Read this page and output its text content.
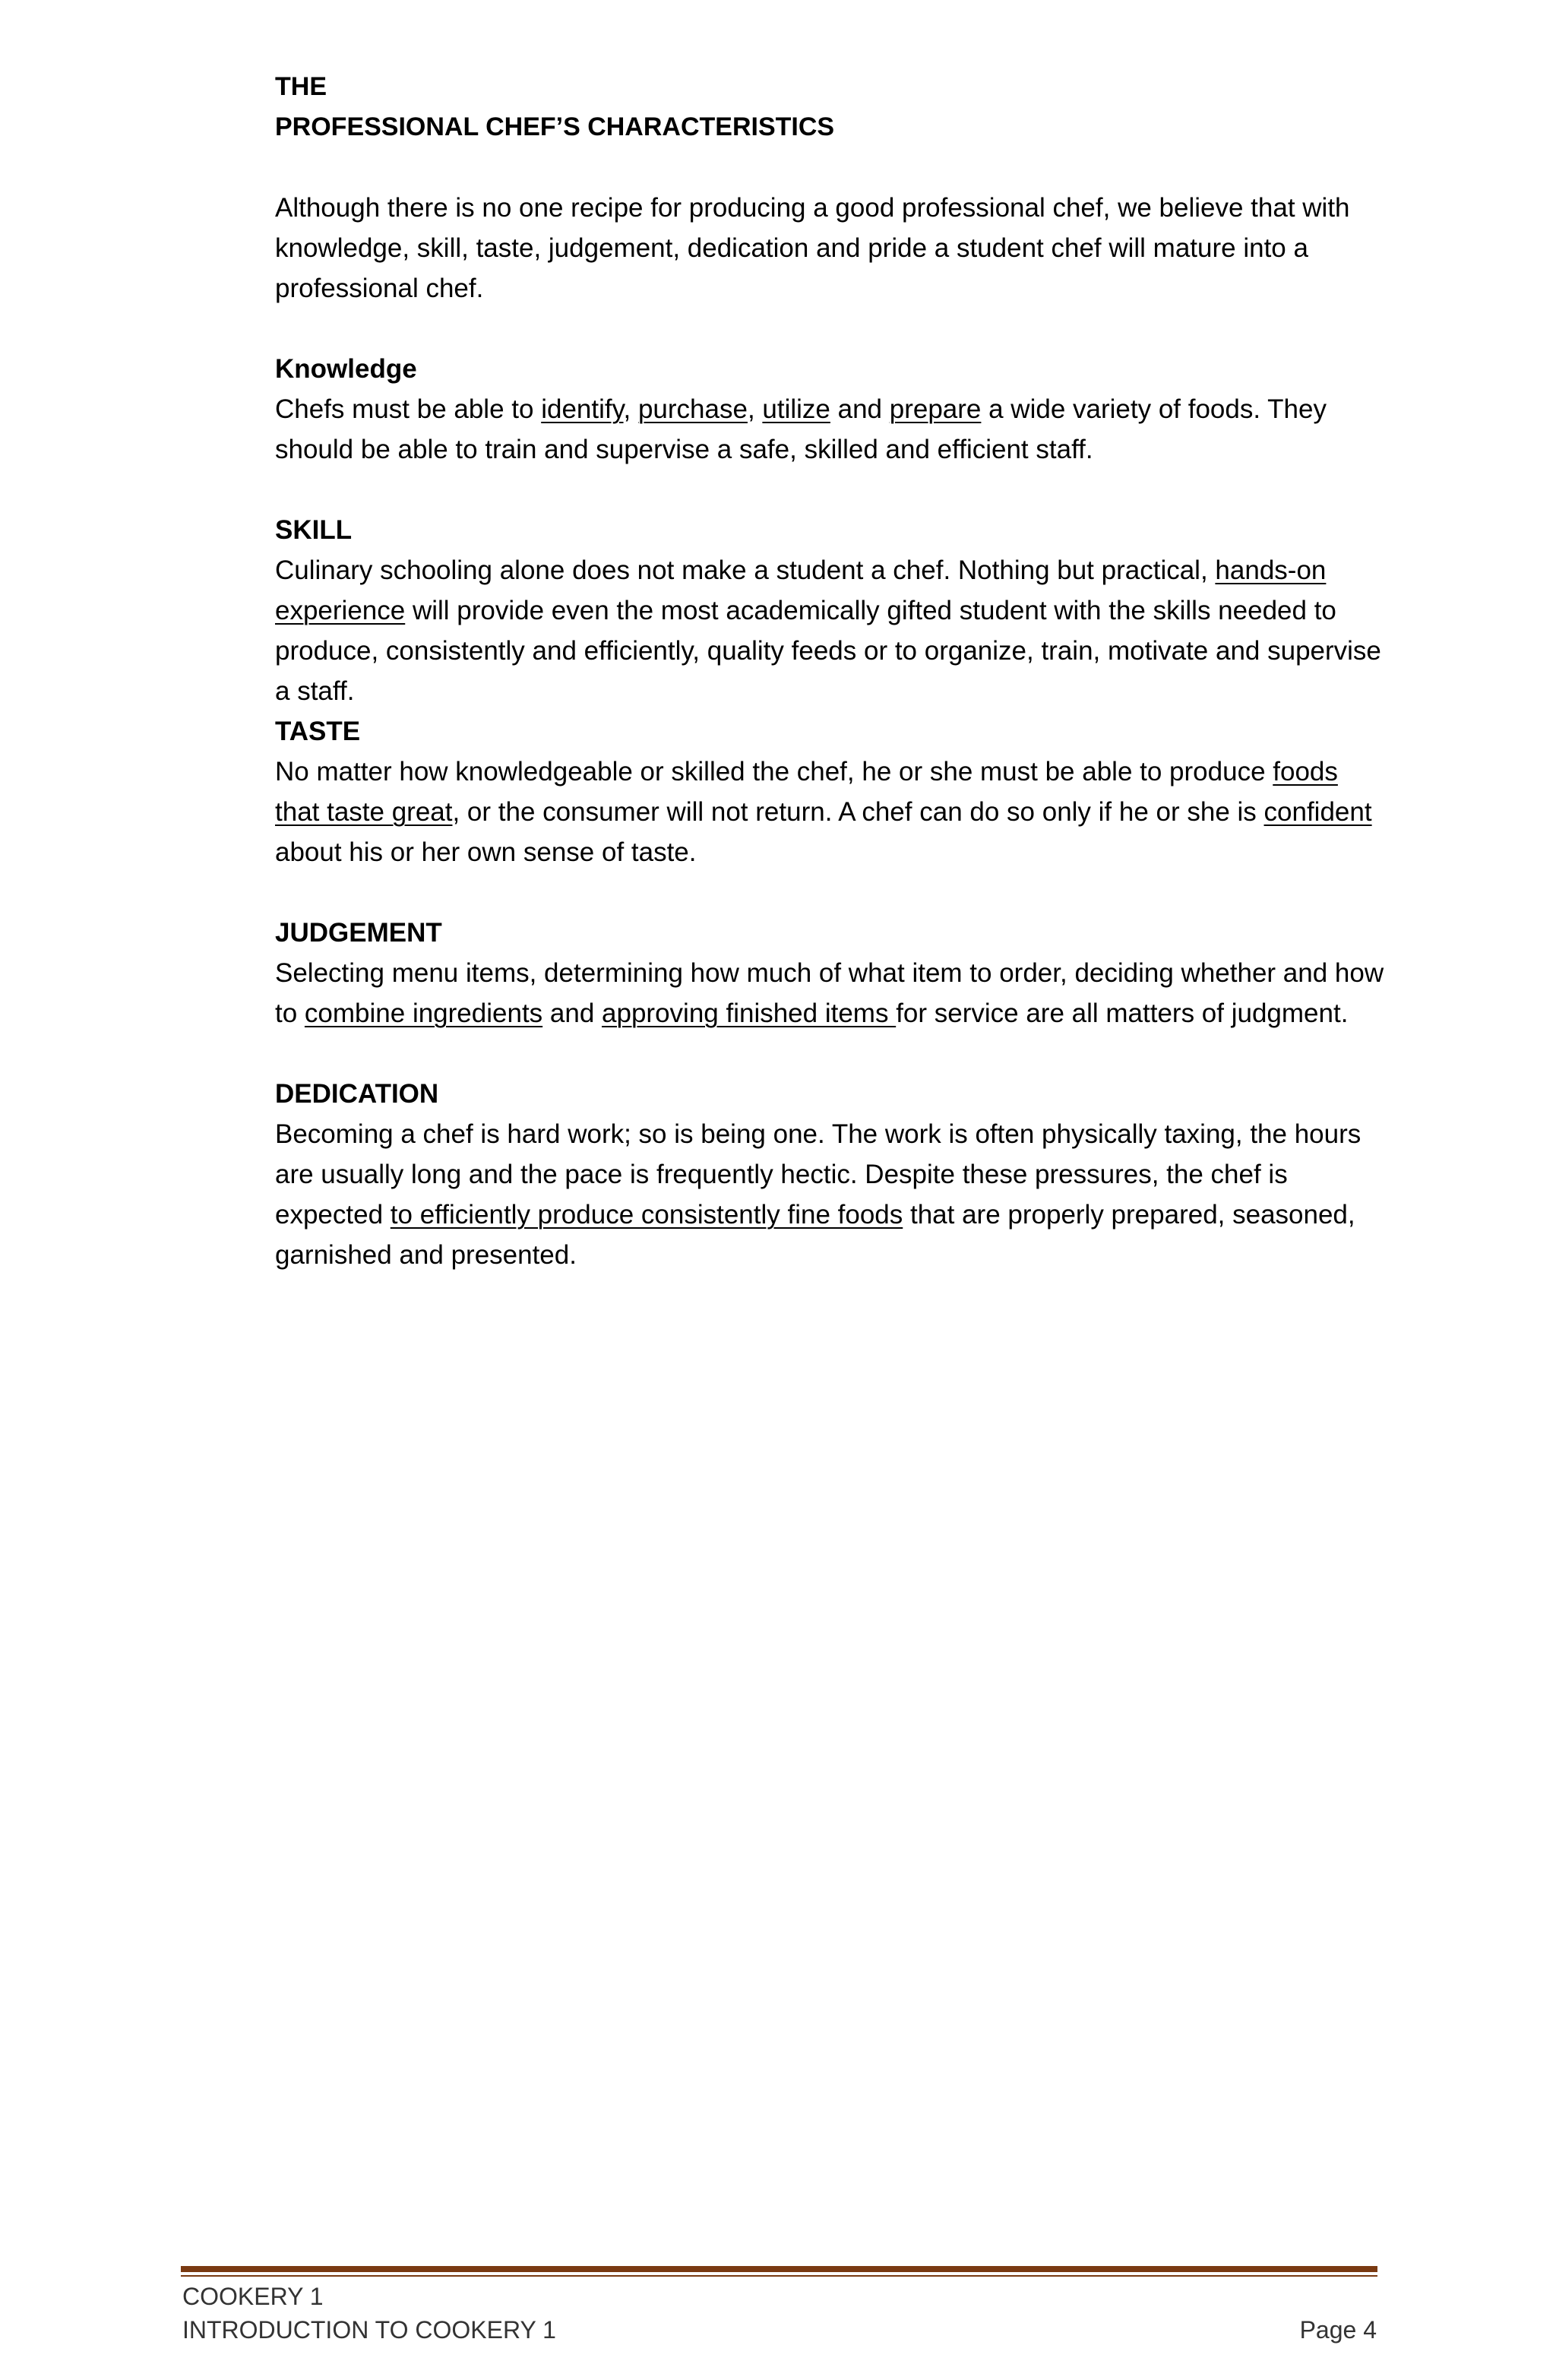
THE

PROFESSIONAL CHEF’S CHARACTERISTICS

Although there is no one recipe for producing a good professional chef, we believe that with knowledge, skill, taste, judgement, dedication and pride a student chef will mature into a professional chef.

Knowledge

Chefs must be able to identify, purchase, utilize and prepare a wide variety of foods. They should be able to train and supervise a safe, skilled and efficient staff.

SKILL

Culinary schooling alone does not make a student a chef. Nothing but practical, hands-on experience will provide even the most academically gifted student with the skills needed to produce, consistently and efficiently, quality feeds or to organize, train, motivate and supervise a staff.

TASTE

No matter how knowledgeable or skilled the chef, he or she must be able to produce foods that taste great, or the consumer will not return. A chef can do so only if he or she is confident about his or her own sense of taste.

JUDGEMENT

Selecting menu items, determining how much of what item to order, deciding whether and how to combine ingredients and approving finished items for service are all matters of judgment.

DEDICATION

Becoming a chef is hard work; so is being one. The work is often physically taxing, the hours are usually long and the pace is frequently hectic. Despite these pressures, the chef is expected to efficiently produce consistently fine foods that are properly prepared, seasoned, garnished and presented.

COOKERY 1
INTRODUCTION TO COOKERY 1	Page 4
